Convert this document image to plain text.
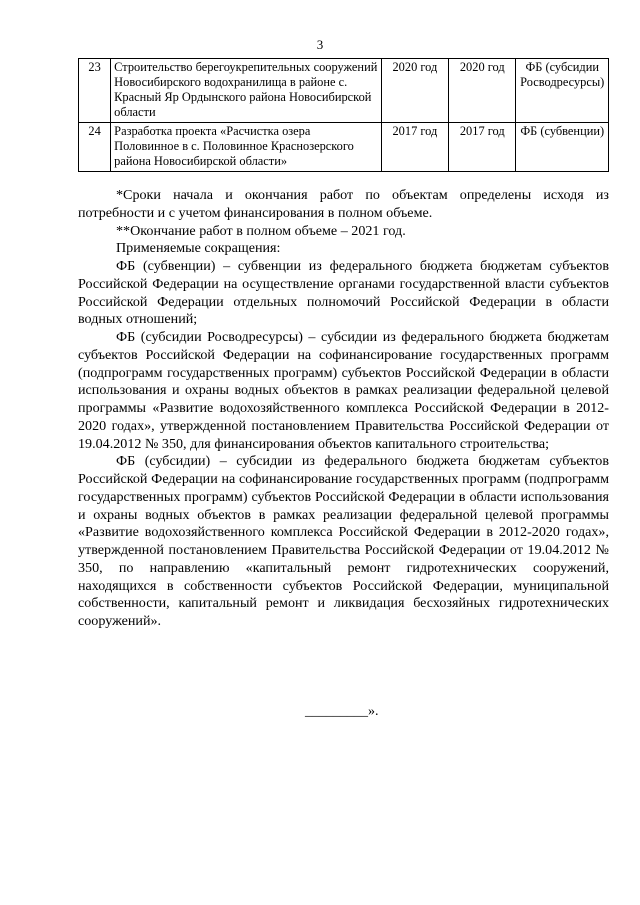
3
23	Строительство берегоукрепительных сооружений Новосибирского водохранилища в районе с. Красный Яр Ордынского района Новосибирской области	2020 год	2020 год	ФБ (субсидии Росводресурсы)
24	Разработка проекта «Расчистка озера Половинное в с. Половинное Краснозерского района Новосибирской области»	2017 год	2017 год	ФБ (субвенции)

*Сроки начала и окончания работ по объектам определены исходя из потребности и с учетом финансирования в полном объеме.

**Окончание работ в полном объеме – 2021 год.

Применяемые сокращения:

ФБ (субвенции) – субвенции из федерального бюджета бюджетам субъектов Российской Федерации на осуществление органами государственной власти субъектов Российской Федерации отдельных полномочий Российской Федерации в области водных отношений;

ФБ (субсидии Росводресурсы) – субсидии из федерального бюджета бюджетам субъектов Российской Федерации на софинансирование государственных программ (подпрограмм государственных программ) субъектов Российской Федерации в области использования и охраны водных объектов в рамках реализации федеральной целевой программы «Развитие водохозяйственного комплекса Российской Федерации в 2012-2020 годах», утвержденной постановлением Правительства Российской Федерации от 19.04.2012 № 350, для финансирования объектов капитального строительства;

ФБ (субсидии) – субсидии из федерального бюджета бюджетам субъектов Российской Федерации на софинансирование государственных программ (подпрограмм государственных программ) субъектов Российской Федерации в области использования и охраны водных объектов в рамках реализации федеральной целевой программы «Развитие водохозяйственного комплекса Российской Федерации в 2012-2020 годах», утвержденной постановлением Правительства Российской Федерации от 19.04.2012 № 350, по направлению «капитальный ремонт гидротехнических сооружений, находящихся в собственности субъектов Российской Федерации, муниципальной собственности, капитальный ремонт и ликвидация бесхозяйных гидротехнических сооружений».

_________».
